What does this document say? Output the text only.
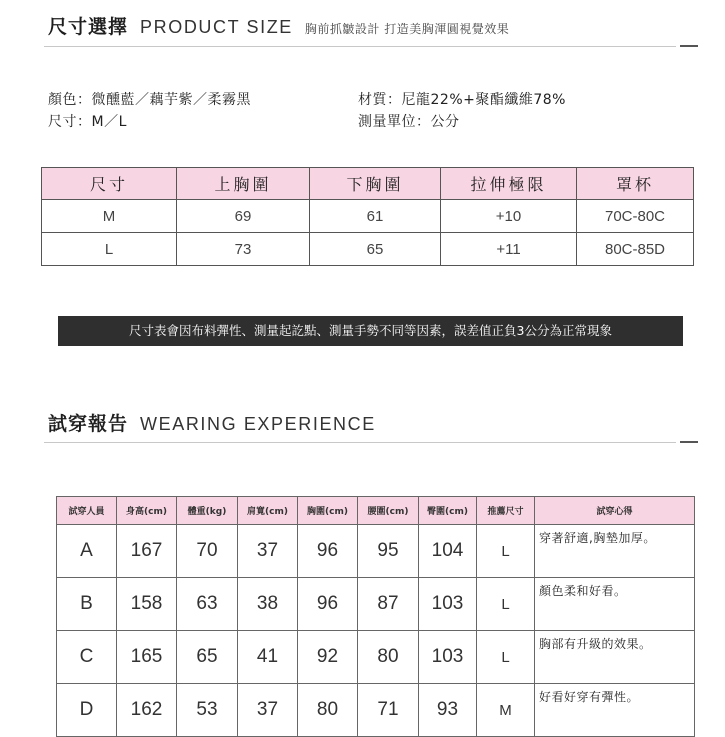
尺寸選擇 PRODUCT SIZE 胸前抓皺設計 打造美胸渾圓視覺效果
顏色：微醺藍／藕芋紫／柔霧黑
尺寸：M／L
材質：尼龍22%+聚酯纖維78%
測量單位：公分
尺寸	上胸圍	下胸圍	拉伸極限	罩杯
M	69	61	+10	70C-80C
L	73	65	+11	80C-85D
尺寸表會因布料彈性、測量起訖點、測量手勢不同等因素，誤差值正負3公分為正常現象
試穿報告 WEARING EXPERIENCE
試穿人員	身高(cm)	體重(kg)	肩寬(cm)	胸圍(cm)	腰圍(cm)	臀圍(cm)	推薦尺寸	試穿心得
A	167	70	37	96	95	104	L	穿著舒適,胸墊加厚。
B	158	63	38	96	87	103	L	顏色柔和好看。
C	165	65	41	92	80	103	L	胸部有升級的效果。
D	162	53	37	80	71	93	M	好看好穿有彈性。
